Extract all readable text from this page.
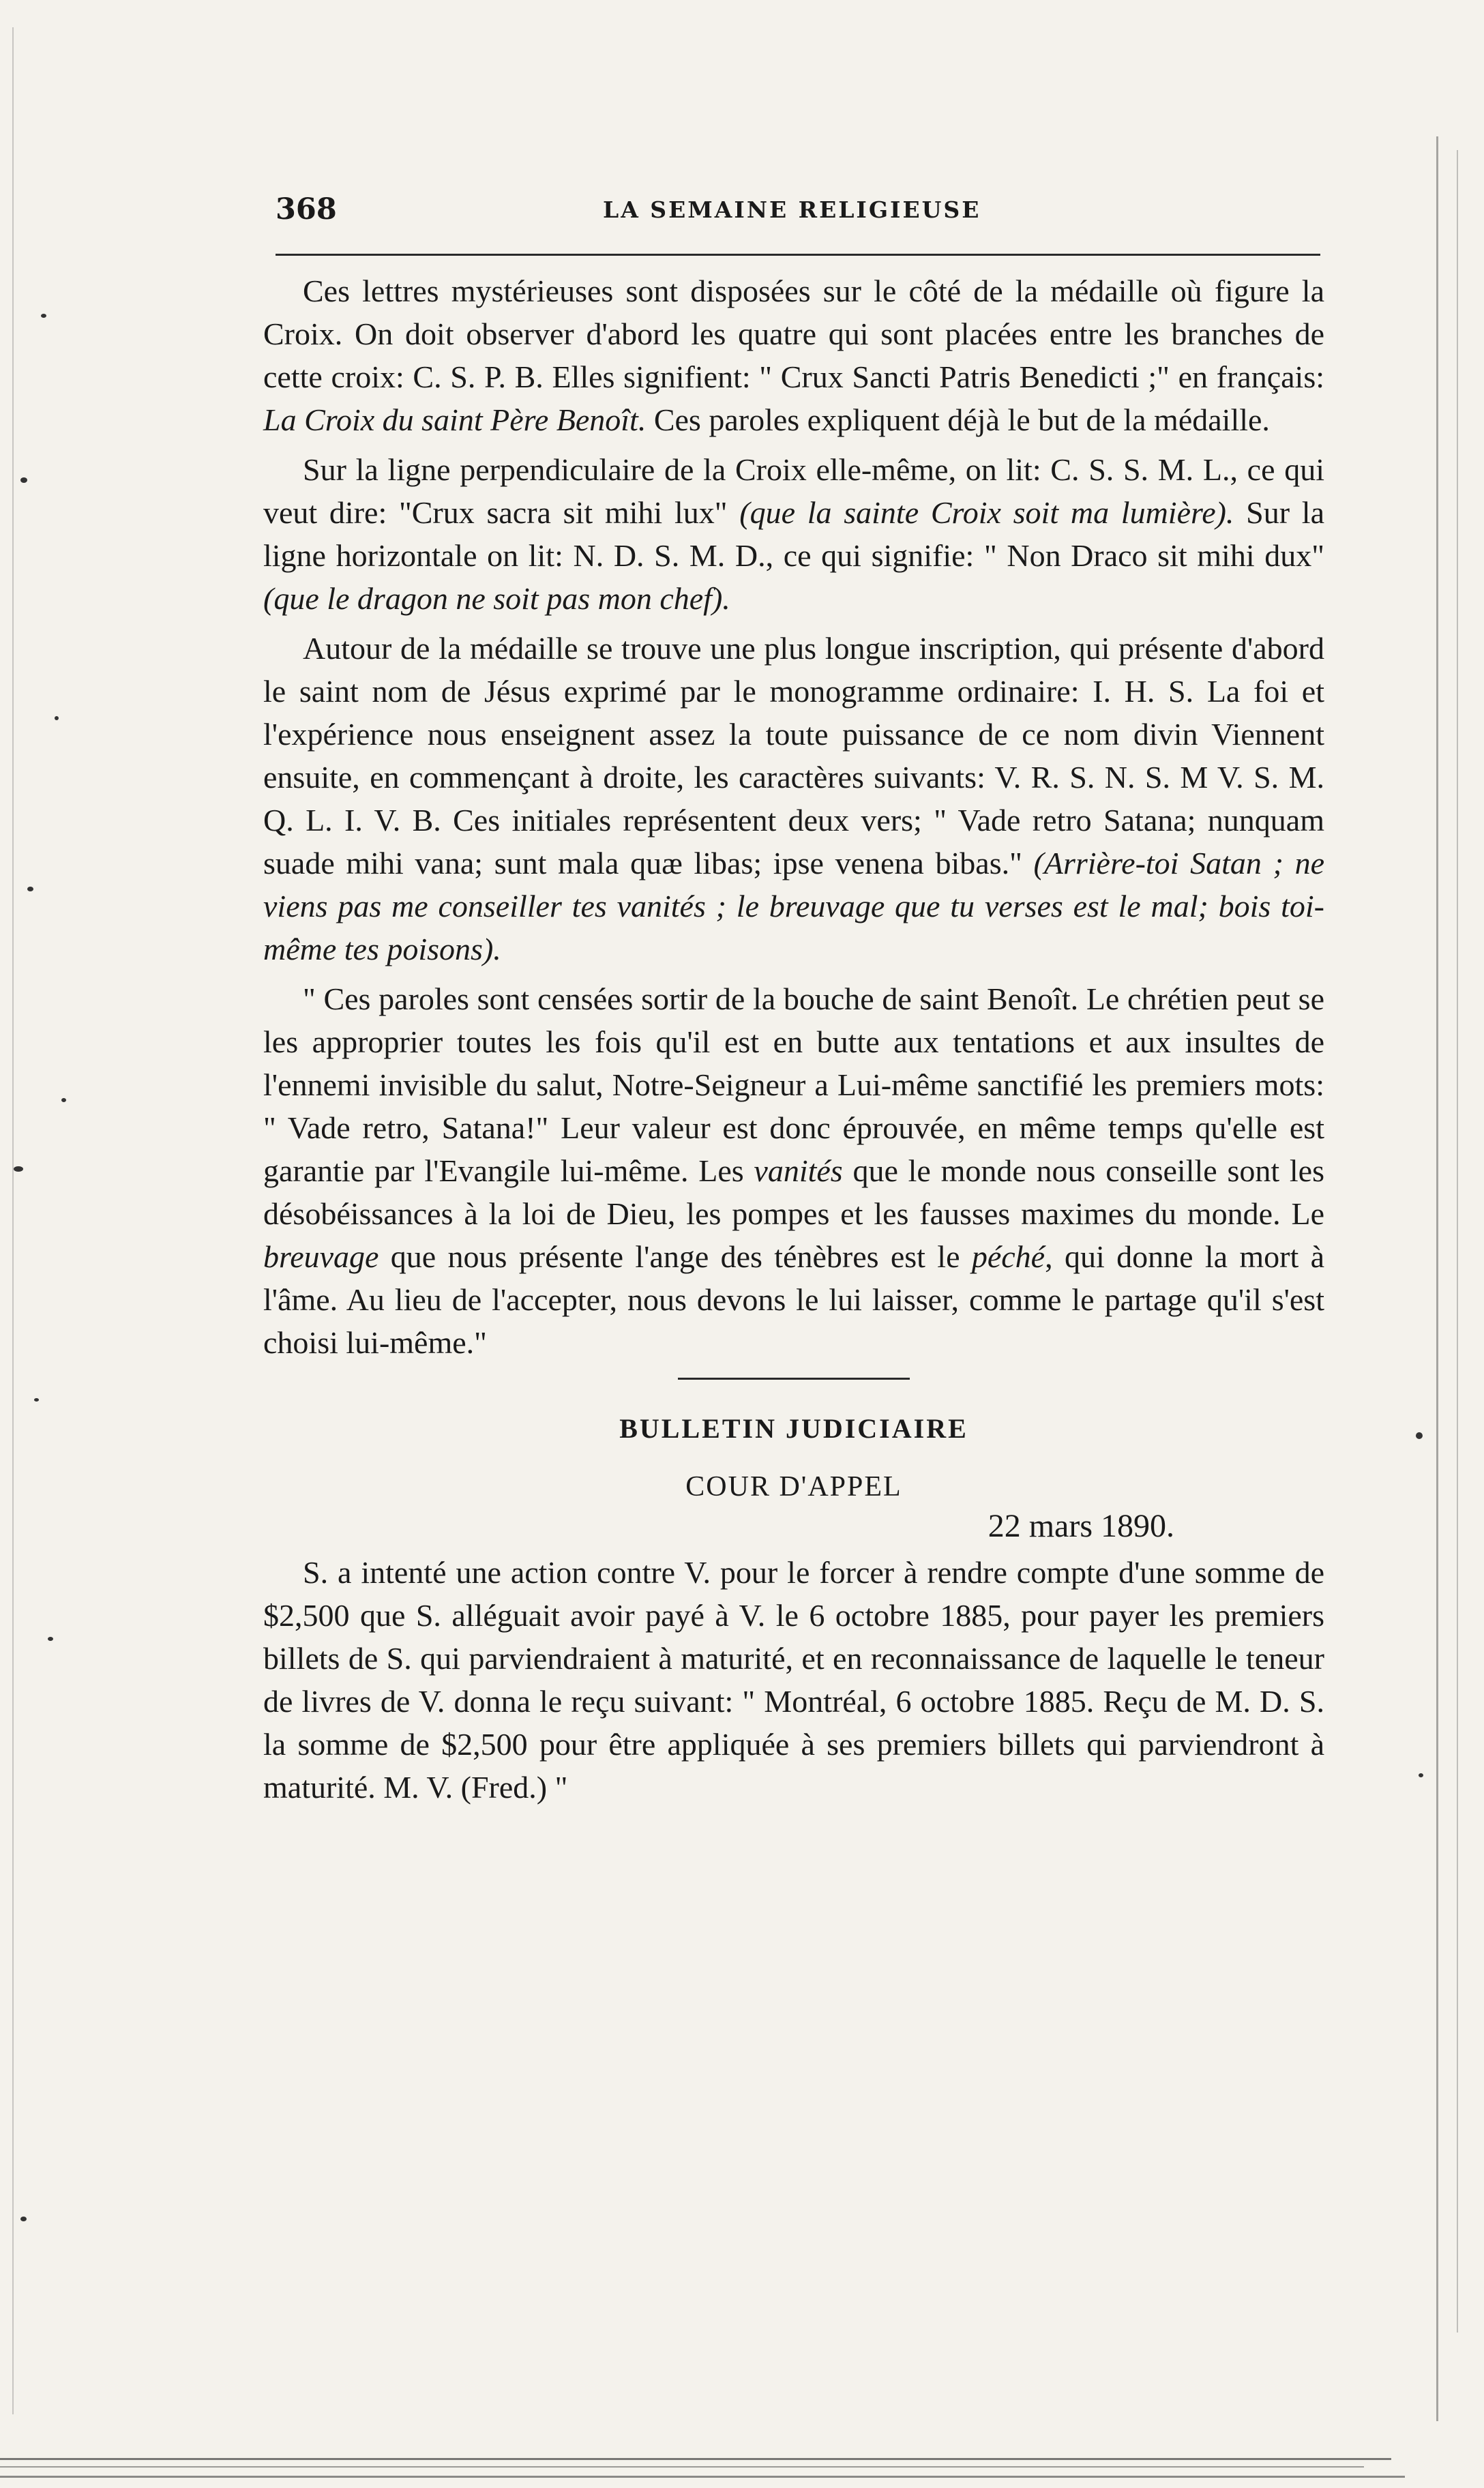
368	LA SEMAINE RELIGIEUSE

Ces lettres mystérieuses sont disposées sur le côté de la médaille où figure la Croix. On doit observer d'abord les quatre qui sont placées entre les branches de cette croix: C. S. P. B. Elles signifient: " Crux Sancti Patris Benedicti ;" en français: La Croix du saint Père Benoît. Ces paroles expliquent déjà le but de la médaille.

Sur la ligne perpendiculaire de la Croix elle-même, on lit: C. S. S. M. L., ce qui veut dire: "Crux sacra sit mihi lux" (que la sainte Croix soit ma lumière). Sur la ligne horizontale on lit: N. D. S. M. D., ce qui signifie: " Non Draco sit mihi dux" (que le dragon ne soit pas mon chef).

Autour de la médaille se trouve une plus longue inscription, qui présente d'abord le saint nom de Jésus exprimé par le monogramme ordinaire: I. H. S. La foi et l'expérience nous enseignent assez la toute puissance de ce nom divin Viennent ensuite, en commençant à droite, les caractères suivants: V. R. S. N. S. M V. S. M. Q. L. I. V. B. Ces initiales représentent deux vers; " Vade retro Satana; nunquam suade mihi vana; sunt mala quæ libas; ipse venena bibas." (Arrière-toi Satan ; ne viens pas me conseiller tes vanités ; le breuvage que tu verses est le mal; bois toi-même tes poisons).

" Ces paroles sont censées sortir de la bouche de saint Benoît. Le chrétien peut se les approprier toutes les fois qu'il est en butte aux tentations et aux insultes de l'ennemi invisible du salut, Notre-Seigneur a Lui-même sanctifié les premiers mots: " Vade retro, Satana!" Leur valeur est donc éprouvée, en même temps qu'elle est garantie par l'Evangile lui-même. Les vanités que le monde nous conseille sont les désobéissances à la loi de Dieu, les pompes et les fausses maximes du monde. Le breuvage que nous présente l'ange des ténèbres est le péché, qui donne la mort à l'âme. Au lieu de l'accepter, nous devons le lui laisser, comme le partage qu'il s'est choisi lui-même."

BULLETIN JUDICIAIRE

COUR D'APPEL

22 mars 1890.

S. a intenté une action contre V. pour le forcer à rendre compte d'une somme de $2,500 que S. alléguait avoir payé à V. le 6 octobre 1885, pour payer les premiers billets de S. qui parviendraient à maturité, et en reconnaissance de laquelle le teneur de livres de V. donna le reçu suivant: " Montréal, 6 octobre 1885. Reçu de M. D. S. la somme de $2,500 pour être appliquée à ses premiers billets qui parviendront à maturité. M. V. (Fred.) "
